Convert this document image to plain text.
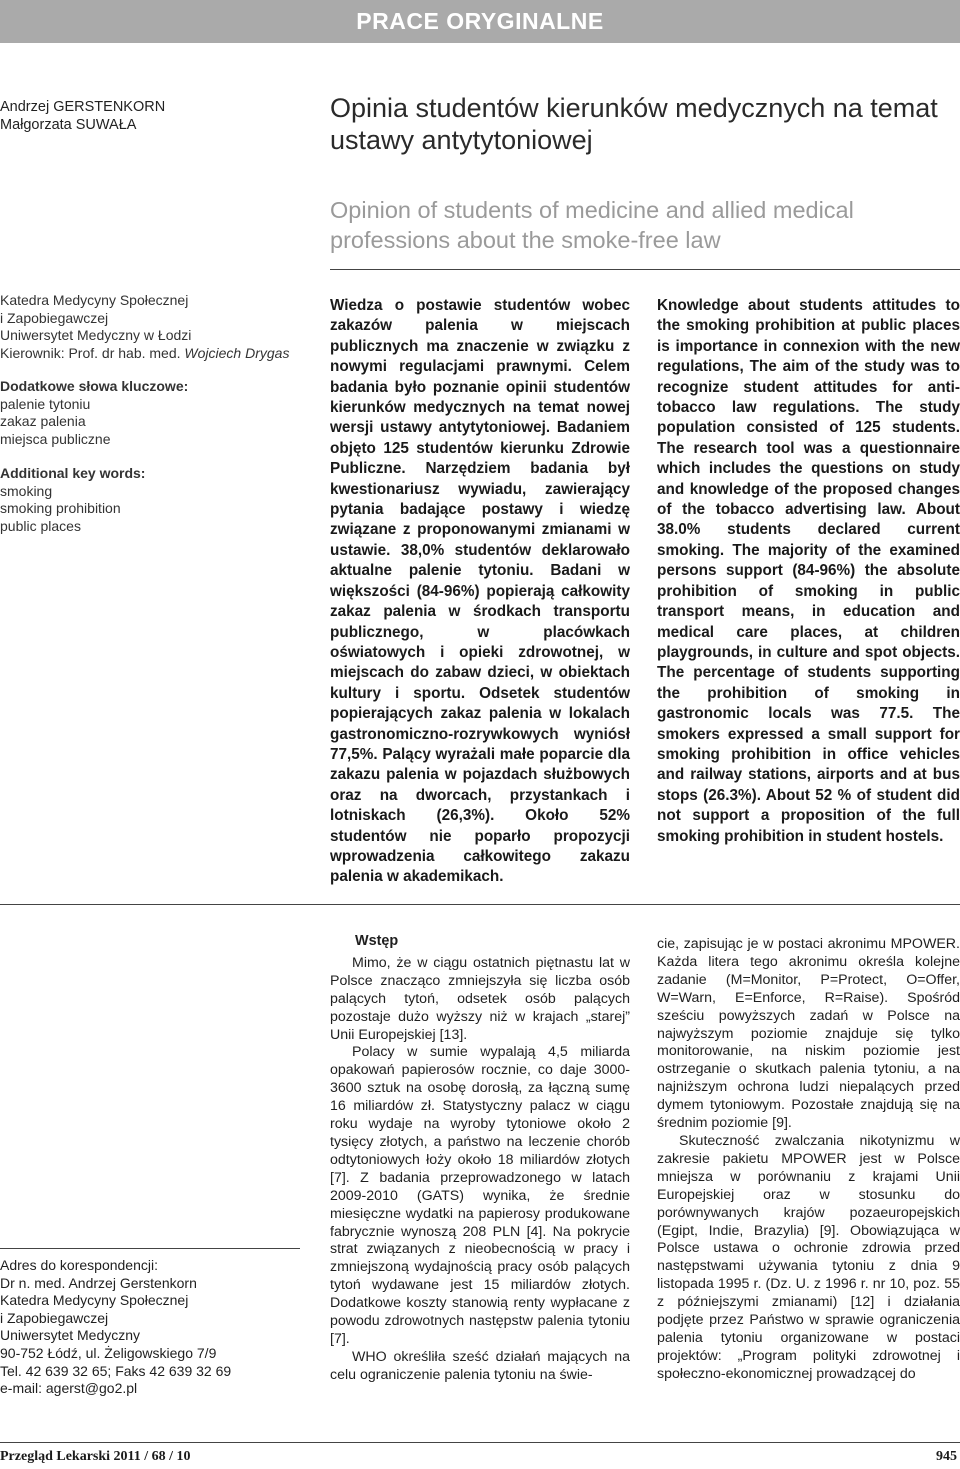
PRACE ORYGINALNE
Andrzej GERSTENKORN
Małgorzata SUWAŁA
Opinia studentów kierunków medycznych na temat ustawy antytytoniowej
Opinion of students of medicine and allied medical professions about the smoke-free law
Katedra Medycyny Społecznej
i Zapobiegawczej
Uniwersytet Medyczny w Łodzi
Kierownik: Prof. dr hab. med. Wojciech Drygas
Dodatkowe słowa kluczowe:
palenie tytoniu
zakaz palenia
miejsca publiczne
Additional key words:
smoking
smoking prohibition
public places

Wiedza o postawie studentów wobec zakazów palenia w miejscach publicznych ma znaczenie w związku z nowymi regulacjami prawnymi. Celem badania było poznanie opinii studentów kierunków medycznych na temat nowej wersji ustawy antytytoniowej. Badaniem objęto 125 studentów kierunku Zdrowie Publiczne. Narzędziem badania był kwestionariusz wywiadu, zawierający pytania badające postawy i wiedzę związane z proponowanymi zmianami w ustawie. 38,0% studentów deklarowało aktualne palenie tytoniu. Badani w większości (84-96%) popierają całkowity zakaz palenia w środkach transportu publicznego, w placówkach oświatowych i opieki zdrowotnej, w miejscach do zabaw dzieci, w obiektach kultury i sportu. Odsetek studentów popierających zakaz palenia w lokalach gastronomiczno-rozrywkowych wyniósł 77,5%. Palący wyrażali małe poparcie dla zakazu palenia w pojazdach służbowych oraz na dworcach, przystankach i lotniskach (26,3%). Około 52% studentów nie poparło propozycji wprowadzenia całkowitego zakazu palenia w akademikach.

Knowledge about students attitudes to the smoking prohibition at public places is importance in connexion with the new regulations, The aim of the study was to recognize student attitudes for anti-tobacco law regulations. The study population consisted of 125 students. The research tool was a questionnaire which includes the questions on study and knowledge of the proposed changes of the tobacco advertising law. About 38.0% students declared current smoking. The majority of the examined persons support (84-96%) the absolute prohibition of smoking in public transport means, in education and medical care places, at children playgrounds, in culture and spot objects. The percentage of students supporting the prohibition of smoking in gastronomic locals was 77.5. The smokers expressed a small support for smoking prohibition in office vehicles and railway stations, airports and at bus stops (26.3%). About 52 % of student did not support a proposition of the full smoking prohibition in student hostels.

Wstęp

Mimo, że w ciągu ostatnich piętnastu lat w Polsce znacząco zmniejszyła się liczba osób palących tytoń, odsetek osób palących pozostaje dużo wyższy niż w krajach „starej” Unii Europejskiej [13].

Polacy w sumie wypalają 4,5 miliarda opakowań papierosów rocznie, co daje 3000-3600 sztuk na osobę dorosłą, za łączną sumę 16 miliardów zł. Statystyczny palacz w ciągu roku wydaje na wyroby tytoniowe około 2 tysięcy złotych, a państwo na leczenie chorób odtytoniowych łoży około 18 miliardów złotych [7]. Z badania przeprowadzonego w latach 2009-2010 (GATS) wynika, że średnie miesięczne wydatki na papierosy produkowane fabrycznie wynoszą 208 PLN [4]. Na pokrycie strat związanych z nieobecnością w pracy i zmniejszoną wydajnością pracy osób palących tytoń wydawane jest 15 miliardów złotych. Dodatkowe koszty stanowią renty wypłacane z powodu zdrowotnych następstw palenia tytoniu [7].

WHO określiła sześć działań mających na celu ograniczenie palenia tytoniu na świe-

cie, zapisując je w postaci akronimu MPOWER. Każda litera tego akronimu określa kolejne zadanie (M=Monitor, P=Protect, O=Offer, W=Warn, E=Enforce, R=Raise). Spośród sześciu powyższych zadań w Polsce na najwyższym poziomie znajduje się tylko monitorowanie, na niskim poziomie jest ostrzeganie o skutkach palenia tytoniu, a na najniższym ochrona ludzi niepalących przed dymem tytoniowym. Pozostałe znajdują się na średnim poziomie [9].

Skuteczność zwalczania nikotynizmu w zakresie pakietu MPOWER jest w Polsce mniejsza w porównaniu z krajami Unii Europejskiej oraz w stosunku do porównywanych krajów pozaeuropejskich (Egipt, Indie, Brazylia) [9]. Obowiązująca w Polsce ustawa o ochronie zdrowia przed następstwami używania tytoniu z dnia 9 listopada 1995 r. (Dz. U. z 1996 r. nr 10, poz. 55 z późniejszymi zmianami) [12] i działania podjęte przez Państwo w sprawie ograniczenia palenia tytoniu organizowane w postaci projektów: „Program polityki zdrowotnej i społeczno-ekonomicznej prowadzącej do

Adres do korespondencji:
Dr n. med. Andrzej Gerstenkorn
Katedra Medycyny Społecznej
i Zapobiegawczej
Uniwersytet Medyczny
90-752 Łódź, ul. Żeligowskiego 7/9
Tel. 42 639 32 65; Faks 42 639 32 69
e-mail: agerst@go2.pl
Przegląd Lekarski 2011 / 68 / 10	945
